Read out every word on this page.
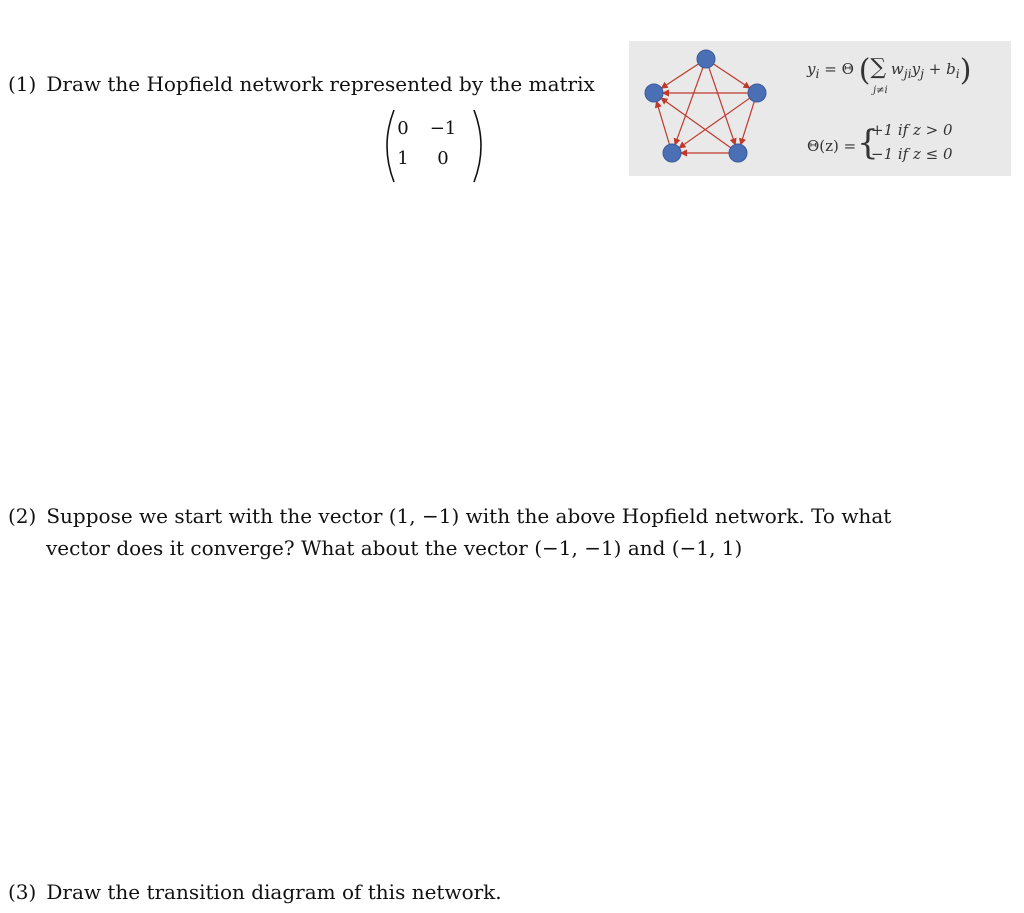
(1) Draw the Hopfield network represented by the matrix
0	−1
1	0
$y_i = \Theta$ (∑ $w_{ji}y_j + b_i$)
j≠i
Θ(z) = {
+1 if z > 0
−1 if z ≤ 0
(2) Suppose we start with the vector (1, −1) with the above Hopfield network. To what
vector does it converge? What about the vector (−1, −1) and (−1, 1)
(3) Draw the transition diagram of this network.
